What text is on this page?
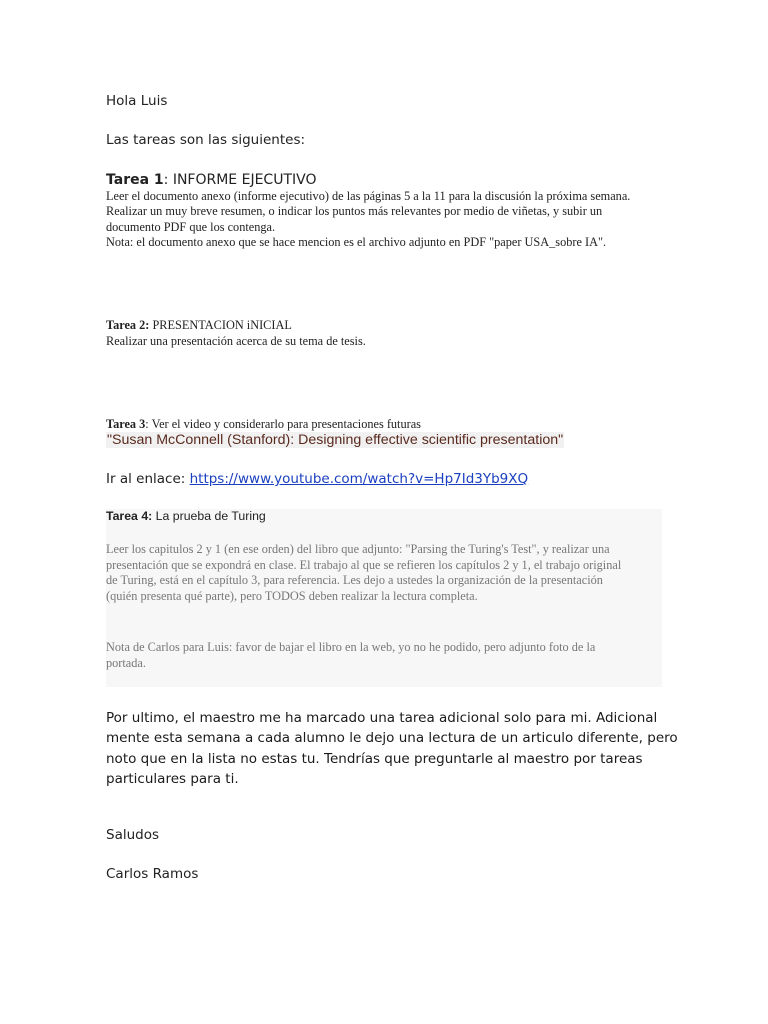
Hola Luis
Las tareas son las siguientes:
Tarea 1: INFORME EJECUTIVO
Leer el documento anexo (informe ejecutivo) de las páginas 5 a la 11 para la discusión la próxima semana.
Realizar un muy breve resumen, o indicar los puntos más relevantes por medio de viñetas, y subir un
documento PDF que los contenga.
Nota: el documento anexo que se hace mencion es el archivo adjunto en PDF "paper USA_sobre IA".
Tarea 2: PRESENTACION iNICIAL
Realizar una presentación acerca de su tema de tesis.
Tarea 3: Ver el video y considerarlo para presentaciones futuras
"Susan McConnell (Stanford): Designing effective scientific presentation"
Ir al enlace: https://www.youtube.com/watch?v=Hp7Id3Yb9XQ
Tarea 4: La prueba de Turing
Leer los capitulos 2 y 1 (en ese orden) del libro que adjunto: "Parsing the Turing's Test", y realizar una
presentación que se expondrá en clase. El trabajo al que se refieren los capítulos 2 y 1, el trabajo original
de Turing, está en el capítulo 3, para referencia. Les dejo a ustedes la organización de la presentación
(quién presenta qué parte), pero TODOS deben realizar la lectura completa.
Nota de Carlos para Luis: favor de bajar el libro en la web, yo no he podido, pero adjunto foto de la
portada.
Por ultimo, el maestro me ha marcado una tarea adicional solo para mi. Adicional
mente esta semana a cada alumno le dejo una lectura de un articulo diferente, pero
noto que en la lista no estas tu. Tendrías que preguntarle al maestro por tareas
particulares para ti.
Saludos
Carlos Ramos
